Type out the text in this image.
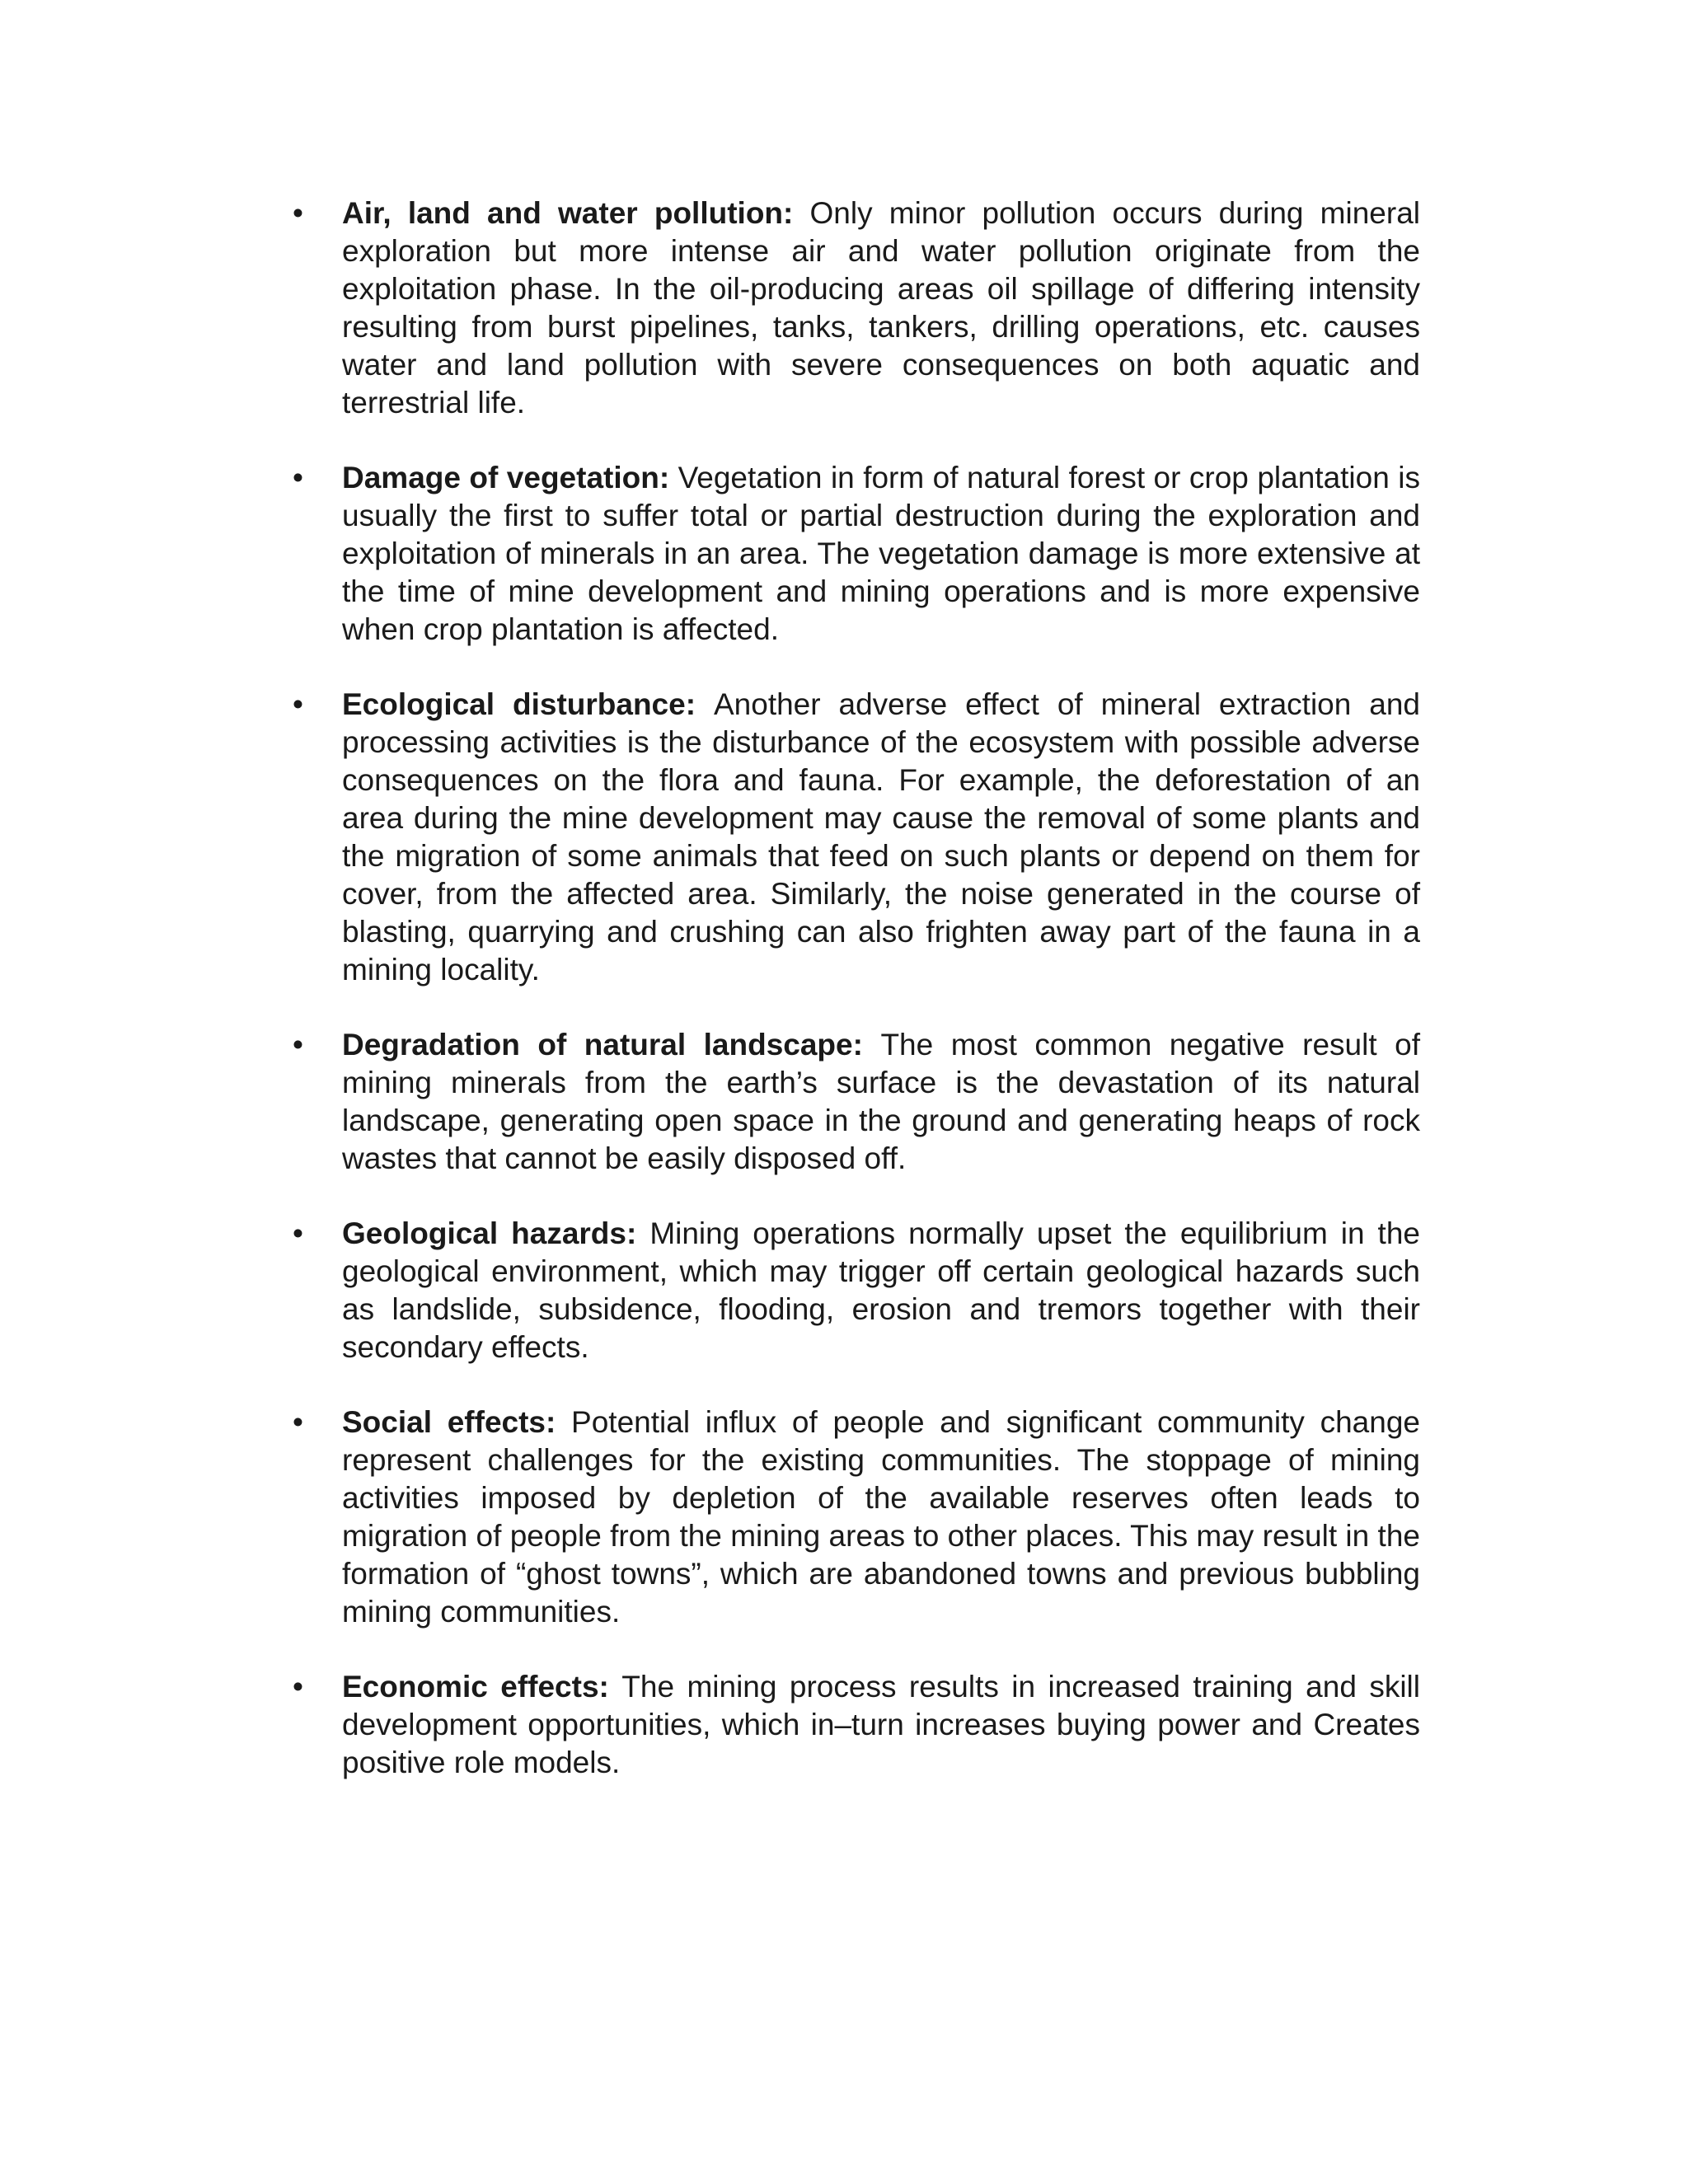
• Air, land and water pollution: Only minor pollution occurs during mineral exploration but more intense air and water pollution originate from the exploitation phase. In the oil-producing areas oil spillage of differing intensity resulting from burst pipelines, tanks, tankers, drilling operations, etc. causes water and land pollution with severe consequences on both aquatic and terrestrial life.
• Damage of vegetation: Vegetation in form of natural forest or crop plantation is usually the first to suffer total or partial destruction during the exploration and exploitation of minerals in an area. The vegetation damage is more extensive at the time of mine development and mining operations and is more expensive when crop plantation is affected.
• Ecological disturbance: Another adverse effect of mineral extraction and processing activities is the disturbance of the ecosystem with possible adverse consequences on the flora and fauna. For example, the deforestation of an area during the mine development may cause the removal of some plants and the migration of some animals that feed on such plants or depend on them for cover, from the affected area. Similarly, the noise generated in the course of blasting, quarrying and crushing can also frighten away part of the fauna in a mining locality.
• Degradation of natural landscape: The most common negative result of mining minerals from the earth’s surface is the devastation of its natural landscape, generating open space in the ground and generating heaps of rock wastes that cannot be easily disposed off.
• Geological hazards: Mining operations normally upset the equilibrium in the geological environment, which may trigger off certain geological hazards such as landslide, subsidence, flooding, erosion and tremors together with their secondary effects.
• Social effects: Potential influx of people and significant community change represent challenges for the existing communities. The stoppage of mining activities imposed by depletion of the available reserves often leads to migration of people from the mining areas to other places. This may result in the formation of “ghost towns”, which are abandoned towns and previous bubbling mining communities.
• Economic effects: The mining process results in increased training and skill development opportunities, which in–turn increases buying power and Creates positive role models.
